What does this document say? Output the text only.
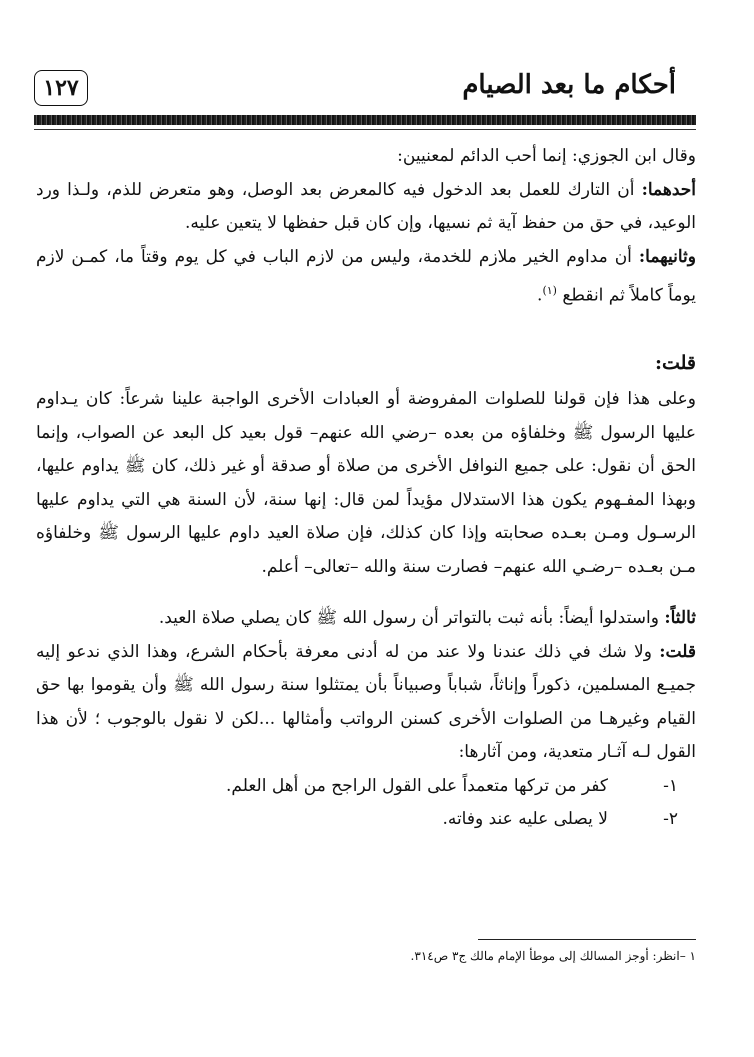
أحكام ما بعد الصيام
١٢٧

وقال ابن الجوزي: إنما أحب الدائم لمعنيين:

أحدهما: أن التارك للعمل بعد الدخول فيه كالمعرض بعد الوصل، وهو متعرض للذم، ولـذا ورد الوعيد، في حق من حفظ آية ثم نسيها، وإن كان قبل حفظها لا يتعين عليه.

وثانيهما: أن مداوم الخير ملازم للخدمة، وليس من لازم الباب في كل يوم وقتاً ما، كمـن لازم يوماً كاملاً ثم انقطع $^{(١)}$.

قلت:

وعلى هذا فإن قولنا للصلوات المفروضة أو العبادات الأخرى الواجبة علينا شرعاً: كان يـداوم عليها الرسول ﷺ وخلفاؤه من بعده –رضي الله عنهم– قول بعيد كل البعد عن الصواب، وإنما الحق أن نقول: على جميع النوافل الأخرى من صلاة أو صدقة أو غير ذلك، كان ﷺ يداوم عليها، وبهذا المفـهوم يكون هذا الاستدلال مؤيداً لمن قال: إنها سنة، لأن السنة هي التي يداوم عليها الرسـول ومـن بعـده صحابته وإذا كان كذلك، فإن صلاة العيد داوم عليها الرسول ﷺ وخلفاؤه مـن بعـده –رضـي الله عنهم– فصارت سنة والله –تعالى– أعلم.

ثالثاً: واستدلوا أيضاً: بأنه ثبت بالتواتر أن رسول الله ﷺ كان يصلي صلاة العيد.

قلت: ولا شك في ذلك عندنا ولا عند من له أدنى معرفة بأحكام الشرع، وهذا الذي ندعو إليه جميـع المسلمين، ذكوراً وإناثاً، شباباً وصبياناً بأن يمتثلوا سنة رسول الله ﷺ وأن يقوموا بها حق القيام وغيرهـا من الصلوات الأخرى كسنن الرواتب وأمثالها ...لكن لا نقول بالوجوب ؛ لأن هذا القول لـه آثـار متعدية، ومن آثارها:

١-
كفر من تركها متعمداً على القول الراجح من أهل العلم.
٢-
لا يصلى عليه عند وفاته.
١ –انظر: أوجز المسالك إلى موطأ الإمام مالك ج٣ ص٣١٤.
